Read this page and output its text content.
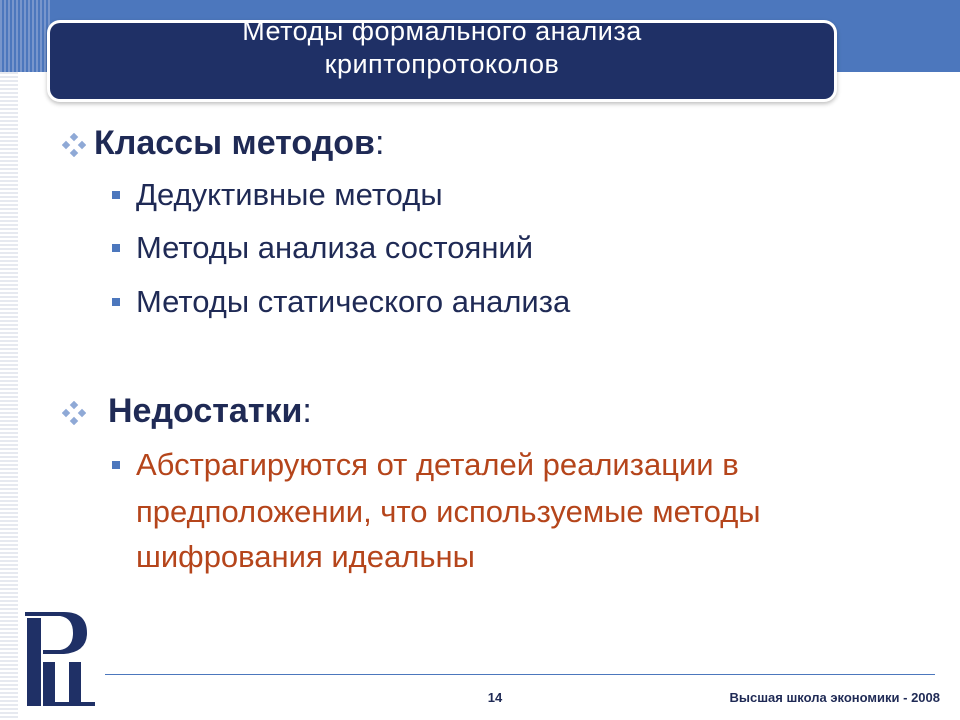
Методы формального анализа
криптопротоколов
Классы методов:
Дедуктивные методы
Методы анализа состояний
Методы статического анализа
Недостатки:
Абстрагируются от деталей реализации в
предположении, что используемые методы
шифрования идеальны
14	Высшая школа экономики - 2008
